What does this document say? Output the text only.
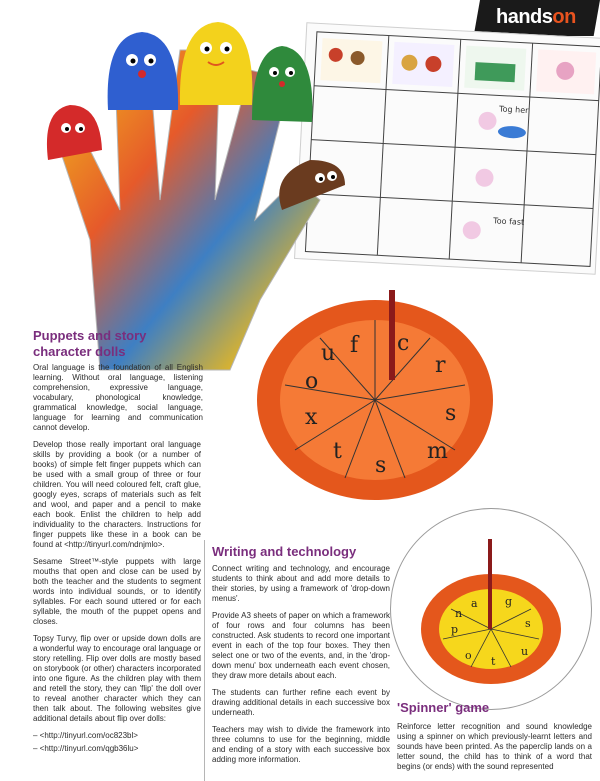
handson
Tog her
Too fast
f c
r
s
m
s
t
x
o
u
a g
s
u
t
o
p
n
Puppets and story
character dolls

Oral language is the foundation of all English learning. Without oral language, listening comprehension, expressive language, vocabulary, phonological knowledge, grammatical knowledge, social language, language for learning and communication cannot develop.

Develop those really important oral language skills by providing a book (or a number of books) of simple felt finger puppets which can be used with a small group of three or four children. You will need coloured felt, craft glue, googly eyes, scraps of materials such as felt and wool, and paper and a pencil to make each book. Enlist the children to help add individuality to the characters. Instructions for finger puppets like these in a book can be found at <http://tinyurl.com/ndnjmlo>.

Sesame Street™-style puppets with large mouths that open and close can be used by both the teacher and the students to segment words into individual sounds, or to identify syllables. For each sound uttered or for each syllable, the mouth of the puppet opens and closes.

Topsy Turvy, flip over or upside down dolls are a wonderful way to encourage oral language or story retelling. Flip over dolls are mostly based on storybook (or other) characters incorporated into one figure. As the children play with them and retell the story, they can 'flip' the doll over to reveal another character which they can then talk about. The following websites give additional details about flip over dolls:

– <http://tinyurl.com/oc823bl>

– <http://tinyurl.com/qgb36lu>

Writing and technology

Connect writing and technology, and encourage students to think about and add more details to their stories, by using a framework of 'drop-down menus'.

Provide A3 sheets of paper on which a framework of four rows and four columns has been constructed. Ask students to record one important event in each of the top four boxes. They then select one or two of the events, and, in the 'drop-down menu' box underneath each event chosen, they draw more details about each.

The students can further refine each event by drawing additional details in each successive box underneath.

Teachers may wish to divide the framework into three columns to use for the beginning, middle and ending of a story with each successive box adding more information.

'Spinner' game

Reinforce letter recognition and sound knowledge using a spinner on which previously-learnt letters and sounds have been printed. As the paperclip lands on a letter sound, the child has to think of a word that begins (or ends) with the sound represented
